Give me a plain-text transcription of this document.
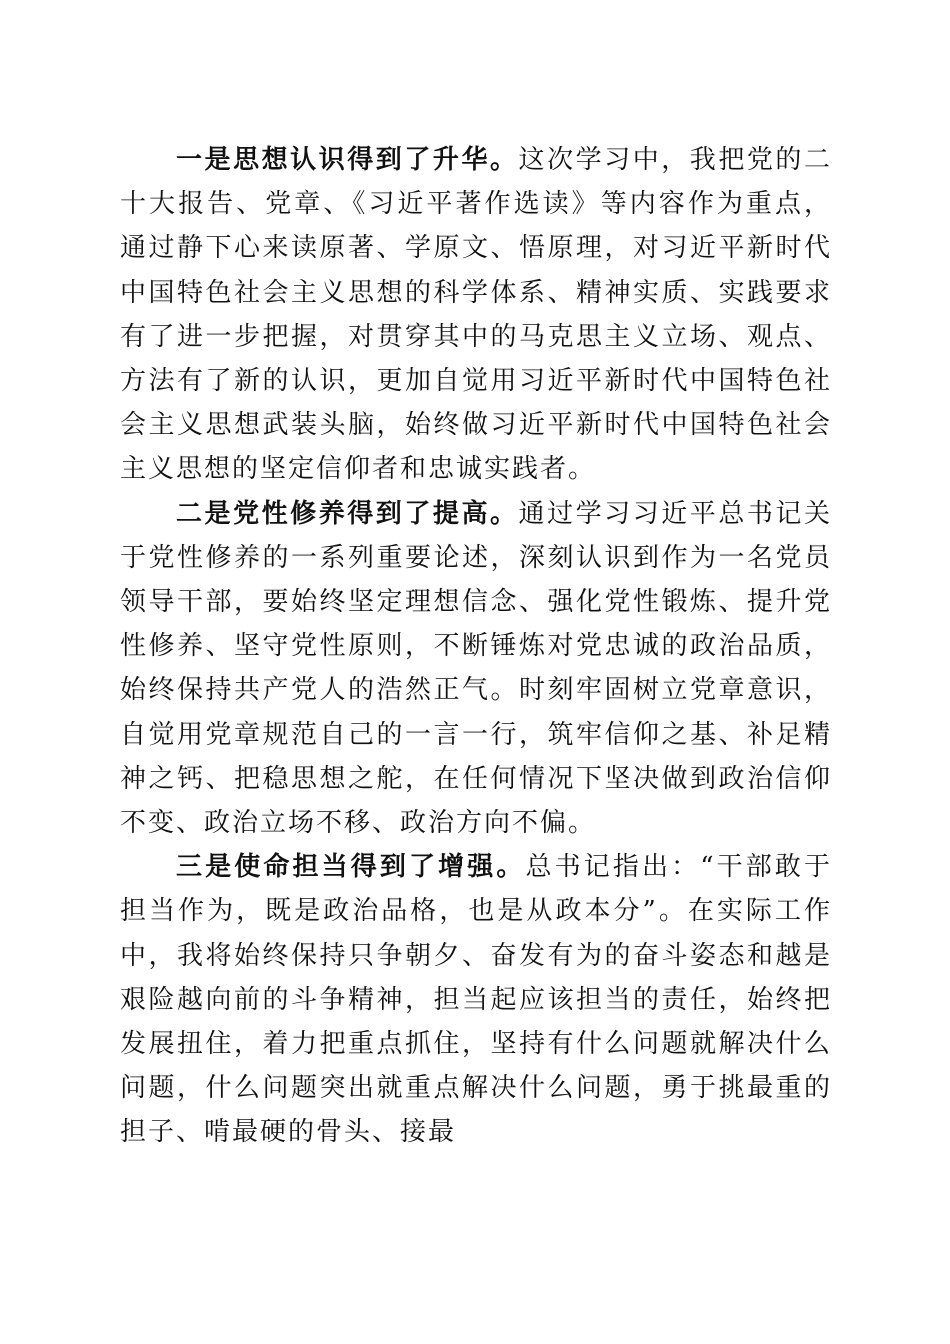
一是思想认识得到了升华。这次学习中，我把党的二十大报告、党章、《习近平著作选读》等内容作为重点，通过静下心来读原著、学原文、悟原理，对习近平新时代中国特色社会主义思想的科学体系、精神实质、实践要求有了进一步把握，对贯穿其中的马克思主义立场、观点、方法有了新的认识，更加自觉用习近平新时代中国特色社会主义思想武装头脑，始终做习近平新时代中国特色社会主义思想的坚定信仰者和忠诚实践者。

二是党性修养得到了提高。通过学习习近平总书记关于党性修养的一系列重要论述，深刻认识到作为一名党员领导干部，要始终坚定理想信念、强化党性锻炼、提升党性修养、坚守党性原则，不断锤炼对党忠诚的政治品质，始终保持共产党人的浩然正气。时刻牢固树立党章意识，自觉用党章规范自己的一言一行，筑牢信仰之基、补足精神之钙、把稳思想之舵，在任何情况下坚决做到政治信仰不变、政治立场不移、政治方向不偏。

三是使命担当得到了增强。总书记指出：“干部敢于担当作为，既是政治品格，也是从政本分”。在实际工作中，我将始终保持只争朝夕、奋发有为的奋斗姿态和越是艰险越向前的斗争精神，担当起应该担当的责任，始终把发展扭住，着力把重点抓住，坚持有什么问题就解决什么问题，什么问题突出就重点解决什么问题，勇于挑最重的担子、啃最硬的骨头、接最
